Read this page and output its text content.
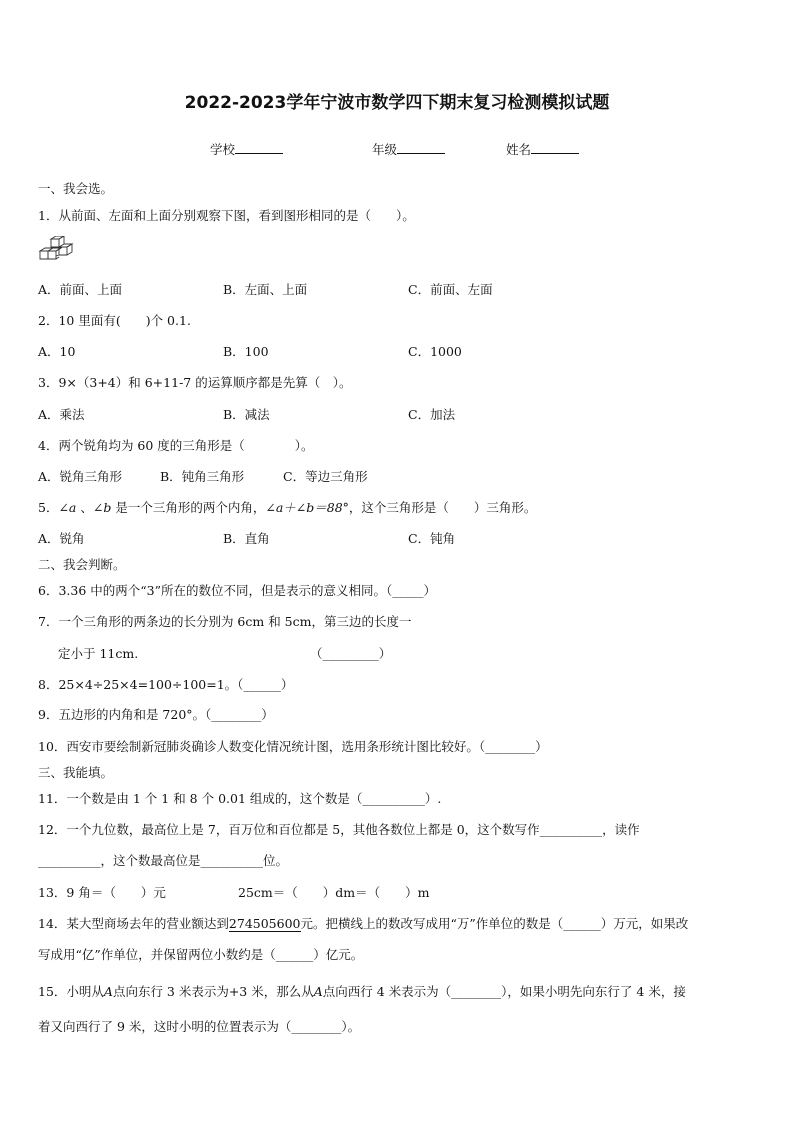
2022-2023学年宁波市数学四下期末复习检测模拟试题
学校	年级	姓名
一、我会选。
1．从前面、左面和上面分别观察下图，看到图形相同的是（　　）。
A．前面、上面	B．左面、上面	C．前面、左面
2．10 里面有(　　)个 0.1.
A．10	B．100	C．1000
3．9×（3+4）和 6+11-7 的运算顺序都是先算（　）。
A．乘法	B．减法	C．加法
4．两个锐角均为 60 度的三角形是（　　　　）。
A．锐角三角形	B．钝角三角形	C．等边三角形
5．∠a 、∠b 是一个三角形的两个内角，∠a＋∠b＝88°，这个三角形是（　　）三角形。
A．锐角	B．直角	C．钝角
二、我会判断。
6．3.36 中的两个“3”所在的数位不同，但是表示的意义相同。（_____）
7．一个三角形的两条边的长分别为 6cm 和 5cm，第三边的长度一
定小于 11cm.	（_________）
8．25×4÷25×4=100÷100=1。（______）
9．五边形的内角和是 720°。（________）
10．西安市要绘制新冠肺炎确诊人数变化情况统计图，选用条形统计图比较好。（________）
三、我能填。
11．一个数是由 1 个 1 和 8 个 0.01 组成的，这个数是（__________）.
12．一个九位数，最高位上是 7，百万位和百位都是 5，其他各数位上都是 0，这个数写作__________，读作
__________，这个数最高位是__________位。
13．9 角＝（　　）元	25cm＝（　　）dm＝（　　）m
14．某大型商场去年的营业额达到274505600元。把横线上的数改写成用“万”作单位的数是（______）万元，如果改
写成用“亿”作单位，并保留两位小数约是（______）亿元。
15．小明从A点向东行 3 米表示为+3 米，那么从A点向西行 4 米表示为（________），如果小明先向东行了 4 米，接
着又向西行了 9 米，这时小明的位置表示为（________）。
